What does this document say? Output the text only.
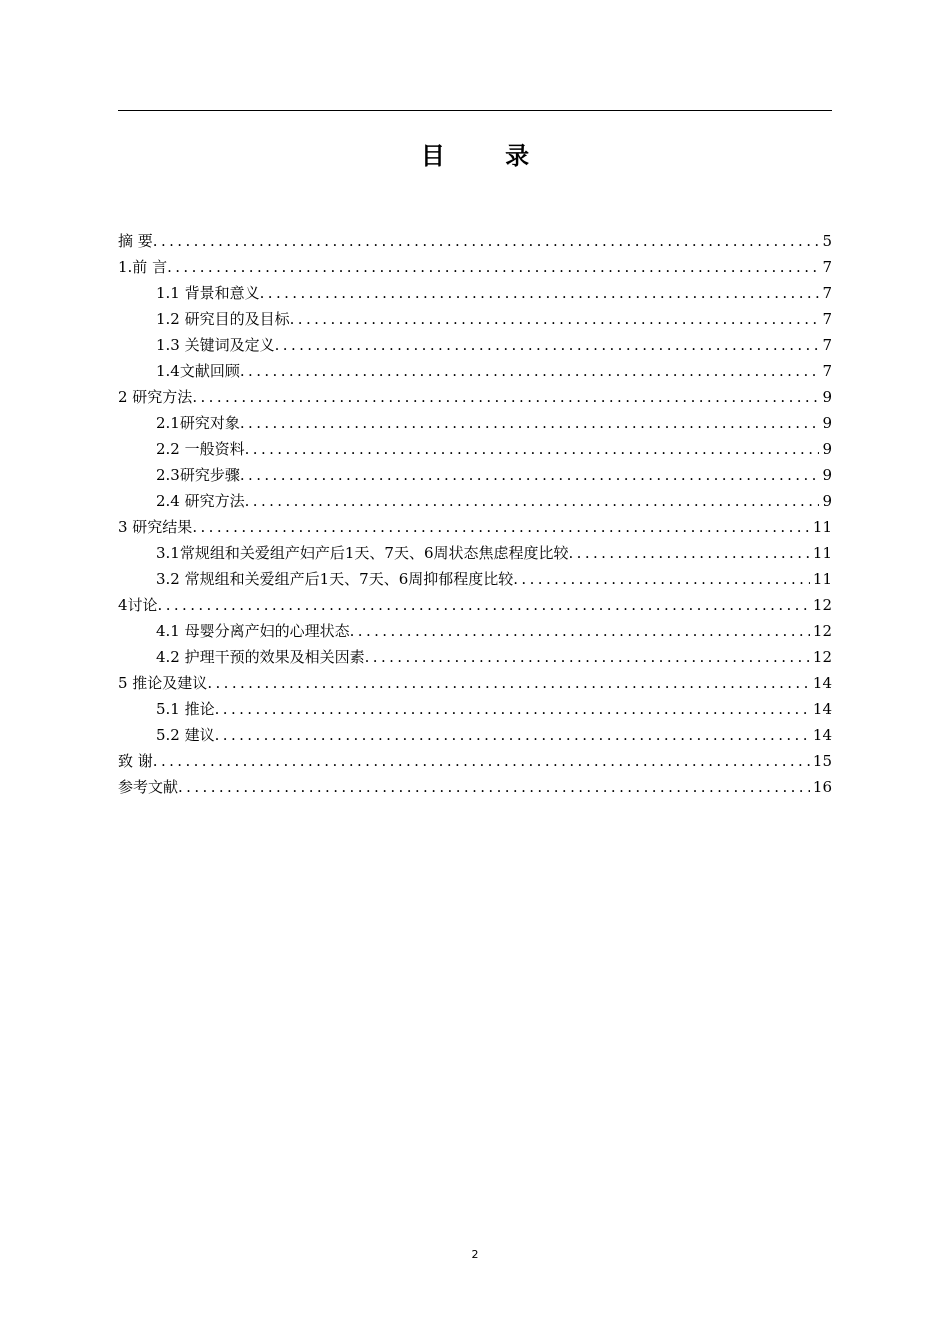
目 录
摘 要 .....	5
1.前 言 .....	7
1.1 背景和意义 .....	7
1.2 研究目的及目标 .....	7
1.3 关键词及定义 .....	7
1.4文献回顾 .....	7
2 研究方法 .....	9
2.1研究对象 .....	9
2.2 一般资料 .....	9
2.3研究步骤 .....	9
2.4 研究方法 .....	9
3 研究结果 .....	11
3.1常规组和关爱组产妇产后1天、7天、6周状态焦虑程度比较 .....	11
3.2 常规组和关爱组产后1天、7天、6周抑郁程度比较 .....	11
4讨论 .....	12
4.1 母婴分离产妇的心理状态 .....	12
4.2 护理干预的效果及相关因素 .....	12
5 推论及建议 .....	14
5.1 推论 .....	14
5.2 建议 .....	14
致 谢 .....	15
参考文献 .....	16
2
